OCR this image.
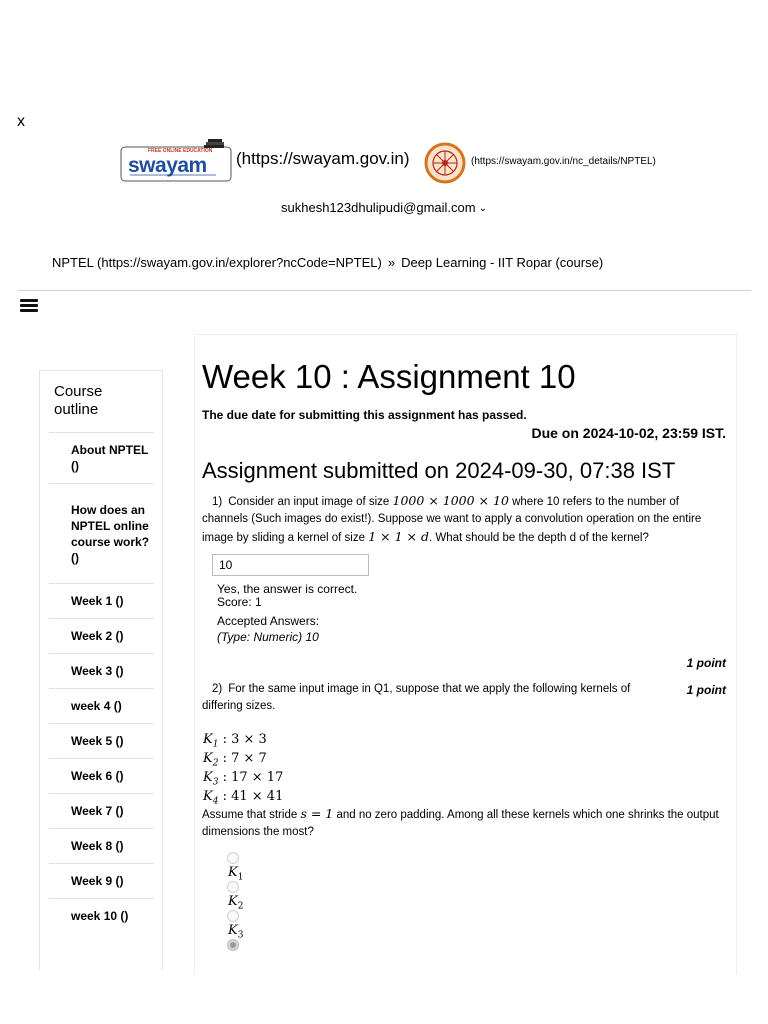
x
FREE ONLINE EDUCATION
swayam (https://swayam.gov.in)	(https://swayam.gov.in/nc_details/NPTEL)
sukhesh123dhulipudi@gmail.com ⌄
NPTEL (https://swayam.gov.in/explorer?ncCode=NPTEL) » Deep Learning - IIT Ropar (course)
Course outline
About NPTEL ()
How does an NPTEL online course work? ()
Week 1 ()
Week 2 ()
Week 3 ()
week 4 ()
Week 5 ()
Week 6 ()
Week 7 ()
Week 8 ()
Week 9 ()
week 10 ()
Week 10 : Assignment 10
The due date for submitting this assignment has passed.
Due on 2024-10-02, 23:59 IST.
Assignment submitted on 2024-09-30, 07:38 IST
1) Consider an input image of size 1000 × 1000 × 10 where 10 refers to the number of channels (Such images do exist!). Suppose we want to apply a convolution operation on the entire image by sliding a kernel of size 1 × 1 × d. What should be the depth d of the kernel?
10
Yes, the answer is correct.
Score: 1
Accepted Answers:
(Type: Numeric) 10
1 point
2) For the same input image in Q1, suppose that we apply the following kernels of differing sizes.
1 point
$K_1$ : 3 × 3
$K_2$ : 7 × 7
$K_3$ : 17 × 17
$K_4$ : 41 × 41
Assume that stride s = 1 and no zero padding. Among all these kernels which one shrinks the output dimensions the most?
$K_1$
$K_2$
$K_3$
